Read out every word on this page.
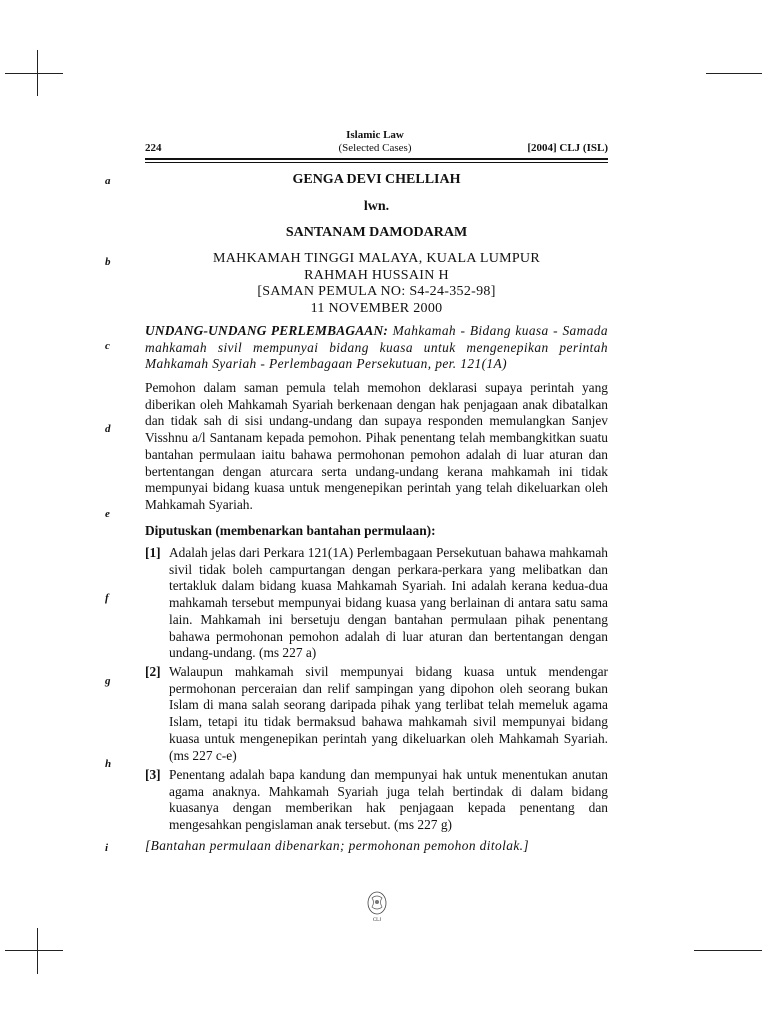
Islamic Law
(Selected Cases)
224	[2004] CLJ (ISL)
a
b
c
d
e
f
g
h
i
GENGA DEVI CHELLIAH
lwn.
SANTANAM DAMODARAM
MAHKAMAH TINGGI MALAYA, KUALA LUMPUR
RAHMAH HUSSAIN H
[SAMAN PEMULA NO: S4-24-352-98]
11 NOVEMBER 2000
UNDANG-UNDANG PERLEMBAGAAN: Mahkamah - Bidang kuasa - Samada mahkamah sivil mempunyai bidang kuasa untuk mengenepikan perintah Mahkamah Syariah - Perlembagaan Persekutuan, per. 121(1A)
Pemohon dalam saman pemula telah memohon deklarasi supaya perintah yang diberikan oleh Mahkamah Syariah berkenaan dengan hak penjagaan anak dibatalkan dan tidak sah di sisi undang-undang dan supaya responden memulangkan Sanjev Visshnu a/l Santanam kepada pemohon. Pihak penentang telah membangkitkan suatu bantahan permulaan iaitu bahawa permohonan pemohon adalah di luar aturan dan bertentangan dengan aturcara serta undang-undang kerana mahkamah ini tidak mempunyai bidang kuasa untuk mengenepikan perintah yang telah dikeluarkan oleh Mahkamah Syariah.
Diputuskan (membenarkan bantahan permulaan):
[1] Adalah jelas dari Perkara 121(1A) Perlembagaan Persekutuan bahawa mahkamah sivil tidak boleh campurtangan dengan perkara-perkara yang melibatkan dan tertakluk dalam bidang kuasa Mahkamah Syariah. Ini adalah kerana kedua-dua mahkamah tersebut mempunyai bidang kuasa yang berlainan di antara satu sama lain. Mahkamah ini bersetuju dengan bantahan permulaan pihak penentang bahawa permohonan pemohon adalah di luar aturan dan bertentangan dengan undang-undang. (ms 227 a)
[2] Walaupun mahkamah sivil mempunyai bidang kuasa untuk mendengar permohonan perceraian dan relif sampingan yang dipohon oleh seorang bukan Islam di mana salah seorang daripada pihak yang terlibat telah memeluk agama Islam, tetapi itu tidak bermaksud bahawa mahkamah sivil mempunyai bidang kuasa untuk mengenepikan perintah yang dikeluarkan oleh Mahkamah Syariah. (ms 227 c-e)
[3] Penentang adalah bapa kandung dan mempunyai hak untuk menentukan anutan agama anaknya. Mahkamah Syariah juga telah bertindak di dalam bidang kuasanya dengan memberikan hak penjagaan kepada penentang dan mengesahkan pengislaman anak tersebut. (ms 227 g)
[Bantahan permulaan dibenarkan; permohonan pemohon ditolak.]
CLJ
